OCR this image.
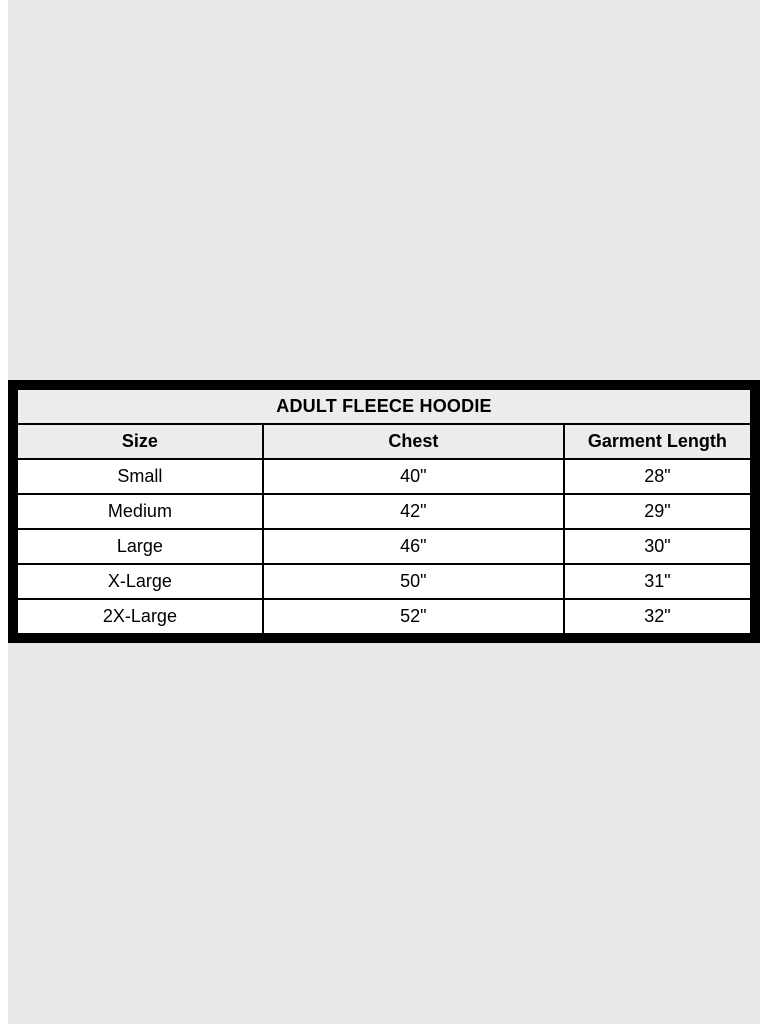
ADULT FLEECE HOODIE		
Size	Chest	Garment Length
Small	40"	28"
Medium	42"	29"
Large	46"	30"
X-Large	50"	31"
2X-Large	52"	32"
